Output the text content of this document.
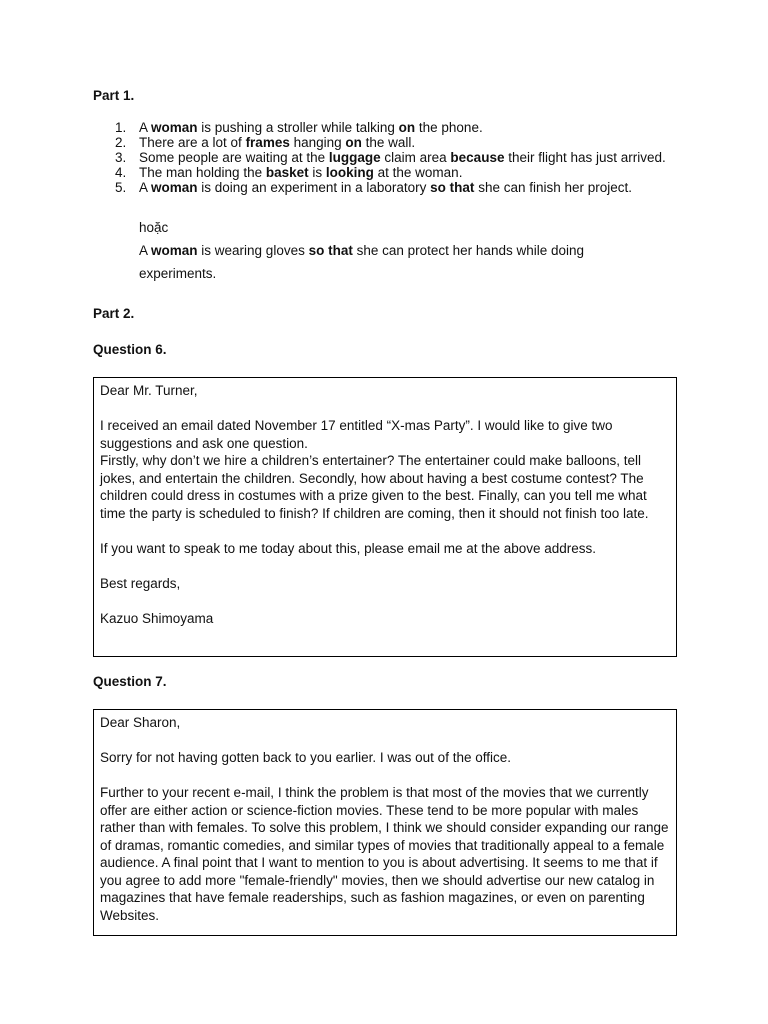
Part 1.

1. A woman is pushing a stroller while talking on the phone.
2. There are a lot of frames hanging on the wall.
3. Some people are waiting at the luggage claim area because their flight has just arrived.
4. The man holding the basket is looking at the woman.
5. A woman is doing an experiment in a laboratory so that she can finish her project.

hoặc

A woman is wearing gloves so that she can protect her hands while doing experiments.

Part 2.

Question 6.

Dear Mr. Turner,

I received an email dated November 17 entitled “X-mas Party”. I would like to give two suggestions and ask one question.
Firstly, why don’t we hire a children’s entertainer? The entertainer could make balloons, tell jokes, and entertain the children. Secondly, how about having a best costume contest? The children could dress in costumes with a prize given to the best. Finally, can you tell me what time the party is scheduled to finish? If children are coming, then it should not finish too late.

If you want to speak to me today about this, please email me at the above address.

Best regards,

Kazuo Shimoyama

Question 7.

Dear Sharon,

Sorry for not having gotten back to you earlier. I was out of the office.

Further to your recent e-mail, I think the problem is that most of the movies that we currently offer are either action or science-fiction movies. These tend to be more popular with males rather than with females. To solve this problem, I think we should consider expanding our range of dramas, romantic comedies, and similar types of movies that traditionally appeal to a female audience. A final point that I want to mention to you is about advertising. It seems to me that if you agree to add more "female-friendly" movies, then we should advertise our new catalog in magazines that have female readerships, such as fashion magazines, or even on parenting Websites.
